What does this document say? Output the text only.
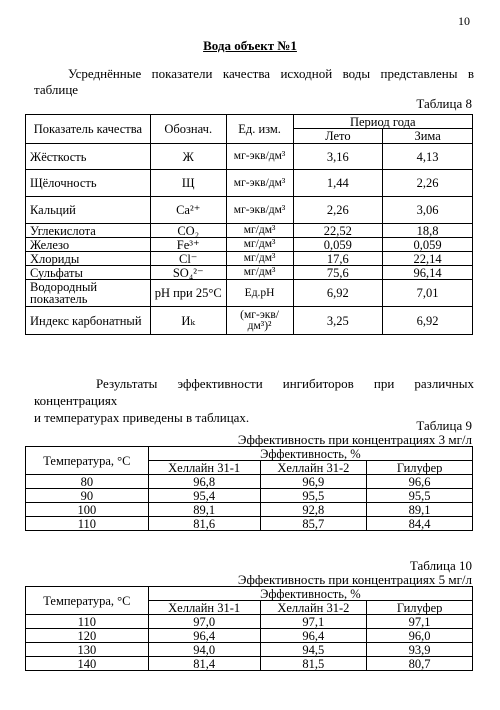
10
Вода объект №1
Усреднённые показатели качества исходной воды представлены в
таблице
Таблица 8
Показатель качества	Обознач.	Ед. изм.	Период года	
			Лето	Зима
Жёсткость	Ж	мг-экв/дм³	3,16	4,13
Щёлочность	Щ	мг-экв/дм³	1,44	2,26
Кальций	Ca²⁺	мг-экв/дм³	2,26	3,06
Углекислота	CO₂	мг/дм³	22,52	18,8
Железо	Fe³⁺	мг/дм³	0,059	0,059
Хлориды	Cl⁻	мг/дм³	17,6	22,14
Сульфаты	SO₄²⁻	мг/дм³	75,6	96,14
Водородный показатель	pH при 25°C	Ед.pH	6,92	7,01
Индекс карбонатный	Иₖ	(мг-экв/дм³)²	3,25	6,92
Результаты эффективности ингибиторов при различных концентрациях
и температурах приведены в таблицах.
Таблица 9
Эффективность при концентрациях 3 мг/л
Температура, °C	Эффективность, %		
	Хеллайн 31-1	Хеллайн 31-2	Гилуфер
80	96,8	96,9	96,6
90	95,4	95,5	95,5
100	89,1	92,8	89,1
110	81,6	85,7	84,4
Таблица 10
Эффективность при концентрациях 5 мг/л
Температура, °C	Эффективность, %		
	Хеллайн 31-1	Хеллайн 31-2	Гилуфер
110	97,0	97,1	97,1
120	96,4	96,4	96,0
130	94,0	94,5	93,9
140	81,4	81,5	80,7
